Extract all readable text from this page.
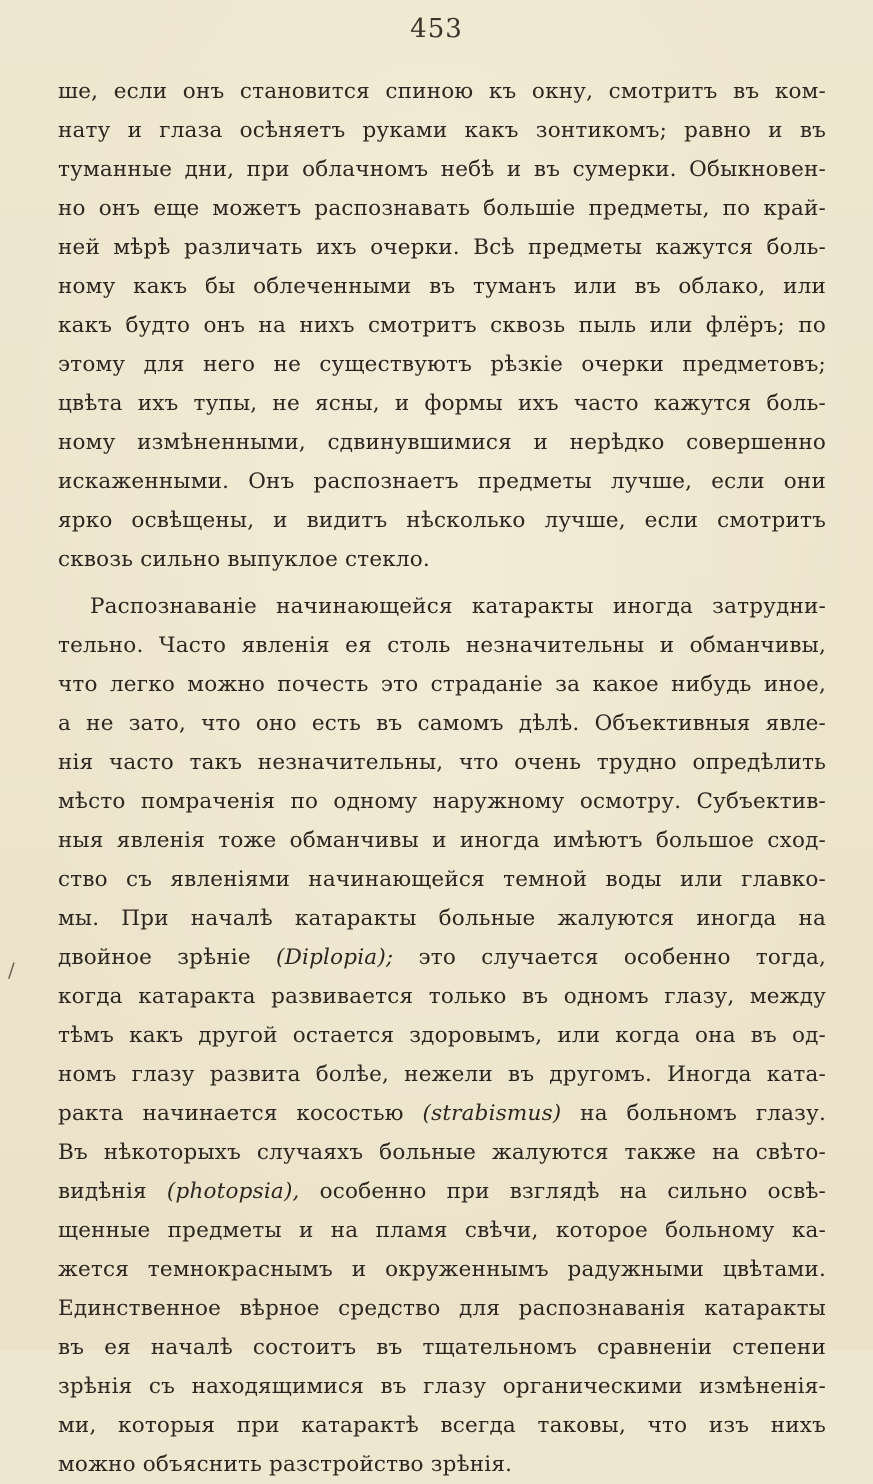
453
/
ше, если онъ становится спиною къ окну, смотритъ въ ком-
нату и глаза осѣняетъ руками какъ зонтикомъ; равно и въ
туманные дни, при облачномъ небѣ и въ сумерки. Обыкновен-
но онъ еще можетъ распознавать большіе предметы, по край-
ней мѣрѣ различать ихъ очерки. Всѣ предметы кажутся боль-
ному какъ бы облеченными въ туманъ или въ облако, или
какъ будто онъ на нихъ смотритъ сквозь пыль или флёръ; по
этому для него не существуютъ рѣзкіе очерки предметовъ;
цвѣта ихъ тупы, не ясны, и формы ихъ часто кажутся боль-
ному измѣненными, сдвинувшимися и нерѣдко совершенно
искаженными. Онъ распознаетъ предметы лучше, если они
ярко освѣщены, и видитъ нѣсколько лучше, если смотритъ
сквозь сильно выпуклое стекло.
Распознаваніе начинающейся катаракты иногда затрудни-
тельно. Часто явленія ея столь незначительны и обманчивы,
что легко можно почесть это страданіе за какое нибудь иное,
а не зато, что оно есть въ самомъ дѣлѣ. Объективныя явле-
нія часто такъ незначительны, что очень трудно опредѣлить
мѣсто помраченія по одному наружному осмотру. Субъектив-
ныя явленія тоже обманчивы и иногда имѣютъ большое сход-
ство съ явленіями начинающейся темной воды или главко-
мы. При началѣ катаракты больные жалуются иногда на
двойное зрѣніе (Diplopia); это случается особенно тогда,
когда катаракта развивается только въ одномъ глазу, между
тѣмъ какъ другой остается здоровымъ, или когда она въ од-
номъ глазу развита болѣе, нежели въ другомъ. Иногда ката-
ракта начинается косостью (strabismus) на больномъ глазу.
Въ нѣкоторыхъ случаяхъ больные жалуются также на свѣто-
видѣнія (photopsia), особенно при взглядѣ на сильно освѣ-
щенные предметы и на пламя свѣчи, которое больному ка-
жется темнокраснымъ и окруженнымъ радужными цвѣтами.
Единственное вѣрное средство для распознаванія катаракты
въ ея началѣ состоитъ въ тщательномъ сравненіи степени
зрѣнія съ находящимися въ глазу органическими измѣненія-
ми, которыя при катарактѣ всегда таковы, что изъ нихъ
можно объяснить разстройство зрѣнія.
